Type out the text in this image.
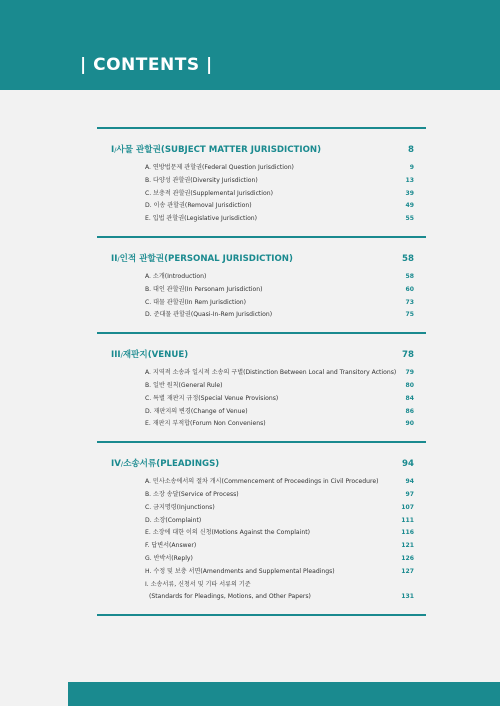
| CONTENTS |
I / 사물 관할권(SUBJECT MATTER JURISDICTION)	8
A. 연방법문제 관할권(Federal Question Jurisdiction)	9
B. 다양성 관할권(Diversity Jurisdiction)	13
C. 보충적 관할권(Supplemental Jurisdiction)	39
D. 이송 관할권(Removal Jurisdiction)	49
E. 입법 관할권(Legislative Jurisdiction)	55
II / 인적 관할권(PERSONAL JURISDICTION)	58
A. 소개(Introduction)	58
B. 대인 관할권(In Personam Jurisdiction)	60
C. 대물 관할권(In Rem Jurisdiction)	73
D. 준대물 관할권(Quasi-In-Rem Jurisdiction)	75
III / 재판지(VENUE)	78
A. 지역적 소송과 일시적 소송의 구별(Distinction Between Local and Transitory Actions) 79
B. 일반 원칙(General Rule)	80
C. 특별 재판지 규정(Special Venue Provisions)	84
D. 재판지의 변경(Change of Venue)	86
E. 재판지 부적합(Forum Non Conveniens)	90
IV / 소송서류(PLEADINGS)	94
A. 민사소송에서의 절차 개시(Commencement of Proceedings in Civil Procedure)	94
B. 소장 송달(Service of Process)	97
C. 금지명령(Injunctions)	107
D. 소장(Complaint)	111
E. 소장에 대한 이의 신청(Motions Against the Complaint)	116
F. 답변서(Answer)	121
G. 반박서(Reply)	126
H. 수정 및 보충 서면(Amendments and Supplemental Pleadings)	127
I. 소송서류, 신청서 및 기타 서류의 기준
(Standards for Pleadings, Motions, and Other Papers)	131
